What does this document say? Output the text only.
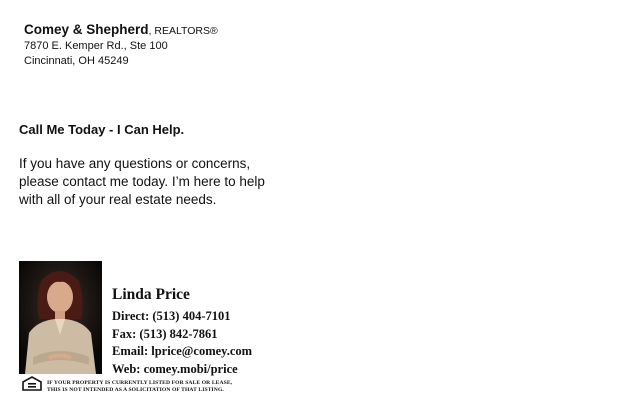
Comey & Shepherd, REALTORS®
7870 E. Kemper Rd., Ste 100
Cincinnati, OH 45249
Call Me Today - I Can Help.
If you have any questions or concerns, please contact me today. I’m here to help with all of your real estate needs.
Linda Price
Direct: (513) 404-7101
Fax: (513) 842-7861
Email: lprice@comey.com
Web: comey.mobi/price
IF YOUR PROPERTY IS CURRENTLY LISTED FOR SALE OR LEASE,
THIS IS NOT INTENDED AS A SOLICITATION OF THAT LISTING.
